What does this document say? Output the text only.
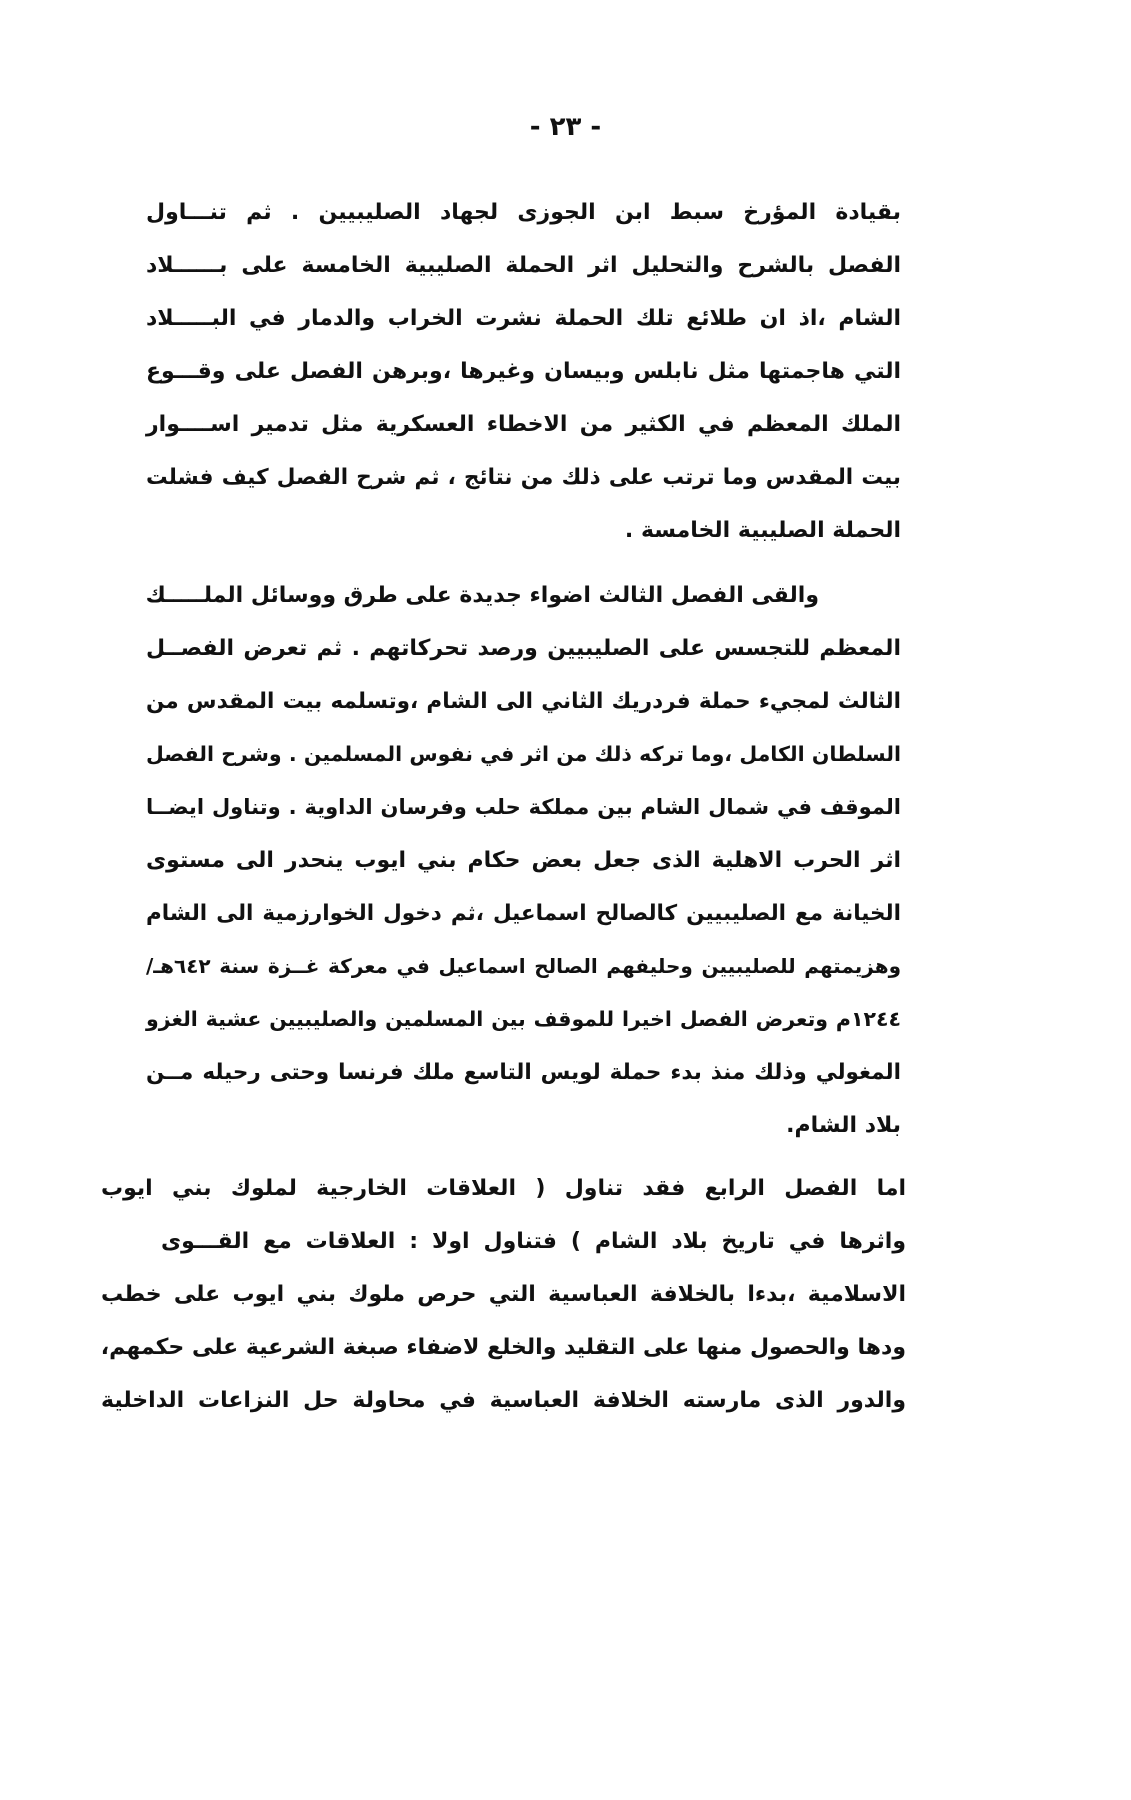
- ٢٣ -
بقيادة المؤرخ سبط ابن الجوزى لجهاد الصليبيين . ثم تنـــاول
الفصل بالشرح والتحليل اثر الحملة الصليبية الخامسة على بــــــلاد
الشام ،اذ ان طلائع تلك الحملة نشرت الخراب والدمار في البـــــلاد
التي هاجمتها مثل نابلس وبيسان وغيرها ،وبرهن الفصل على وقـــوع
الملك المعظم في الكثير من الاخطاء العسكرية مثل تدمير اســــوار
بيت المقدس وما ترتب على ذلك من نتائج ، ثم شرح الفصل كيف فشلت
الحملة الصليبية الخامسة .
والقى الفصل الثالث اضواء جديدة على طرق ووسائل الملـــــك
المعظم للتجسس على الصليبيين ورصد تحركاتهم . ثم تعرض الفصــل
الثالث لمجيء حملة فردريك الثاني الى الشام ،وتسلمه بيت المقدس من
السلطان الكامل ،وما تركه ذلك من اثر في نفوس المسلمين . وشرح الفصل
الموقف في شمال الشام بين مملكة حلب وفرسان الداوية . وتناول ايضــا
اثر الحرب الاهلية الذى جعل بعض حكام بني ايوب ينحدر الى مستوى
الخيانة مع الصليبيين كالصالح اسماعيل ،ثم دخول الخوارزمية الى الشام
وهزيمتهم للصليبيين وحليفهم الصالح اسماعيل في معركة غــزة سنة ٦٤٢هـ/
١٢٤٤م وتعرض الفصل اخيرا للموقف بين المسلمين والصليبيين عشية الغزو
المغولي وذلك منذ بدء حملة لويس التاسع ملك فرنسا وحتى رحيله مــن
بلاد الشام.
اما الفصل الرابع فقد تناول ( العلاقات الخارجية لملوك بني ايوب
واثرها في تاريخ بلاد الشام ) فتناول اولا : العلاقات مع القـــوى
الاسلامية ،بدءا بالخلافة العباسية التي حرص ملوك بني ايوب على خطب
ودها والحصول منها على التقليد والخلع لاضفاء صبغة الشرعية على حكمهم،
والدور الذى مارسته الخلافة العباسية في محاولة حل النزاعات الداخلية
